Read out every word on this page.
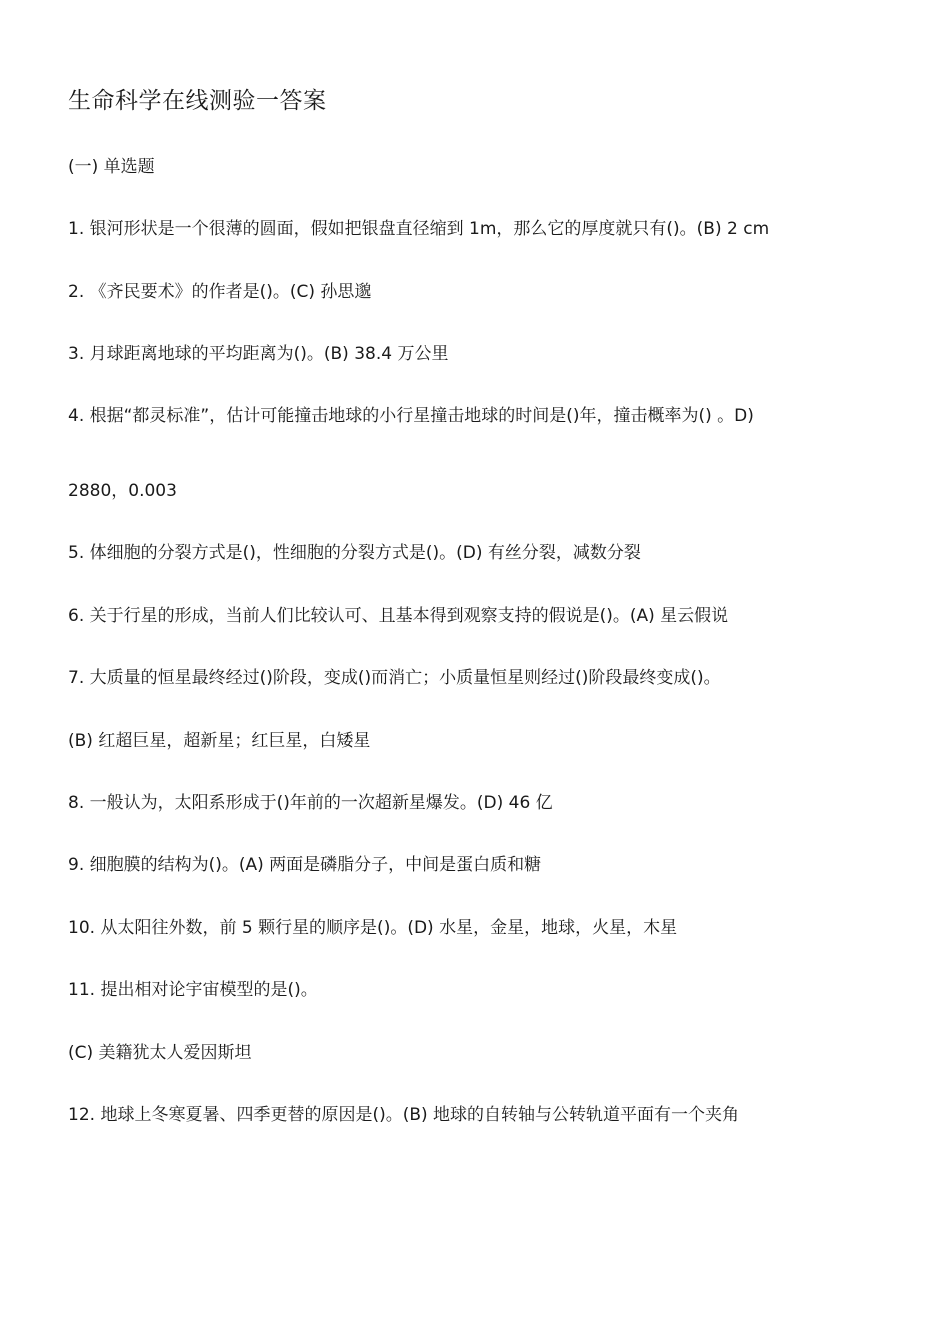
生命科学在线测验一答案
(一) 单选题
1. 银河形状是一个很薄的圆面，假如把银盘直径缩到 1m，那么它的厚度就只有()。(B) 2 cm
2. 《齐民要术》的作者是()。(C) 孙思邈
3. 月球距离地球的平均距离为()。(B) 38.4 万公里
4. 根据“都灵标准”，估计可能撞击地球的小行星撞击地球的时间是()年，撞击概率为() 。D)
2880，0.003
5. 体细胞的分裂方式是()，性细胞的分裂方式是()。(D) 有丝分裂，减数分裂
6. 关于行星的形成，当前人们比较认可、且基本得到观察支持的假说是()。(A) 星云假说
7. 大质量的恒星最终经过()阶段，变成()而消亡；小质量恒星则经过()阶段最终变成()。
(B) 红超巨星，超新星；红巨星，白矮星
8. 一般认为，太阳系形成于()年前的一次超新星爆发。(D) 46 亿
9. 细胞膜的结构为()。(A) 两面是磷脂分子，中间是蛋白质和糖
10. 从太阳往外数，前 5 颗行星的顺序是()。(D) 水星，金星，地球，火星，木星
11. 提出相对论宇宙模型的是()。
(C) 美籍犹太人爱因斯坦
12. 地球上冬寒夏暑、四季更替的原因是()。(B) 地球的自转轴与公转轨道平面有一个夹角
